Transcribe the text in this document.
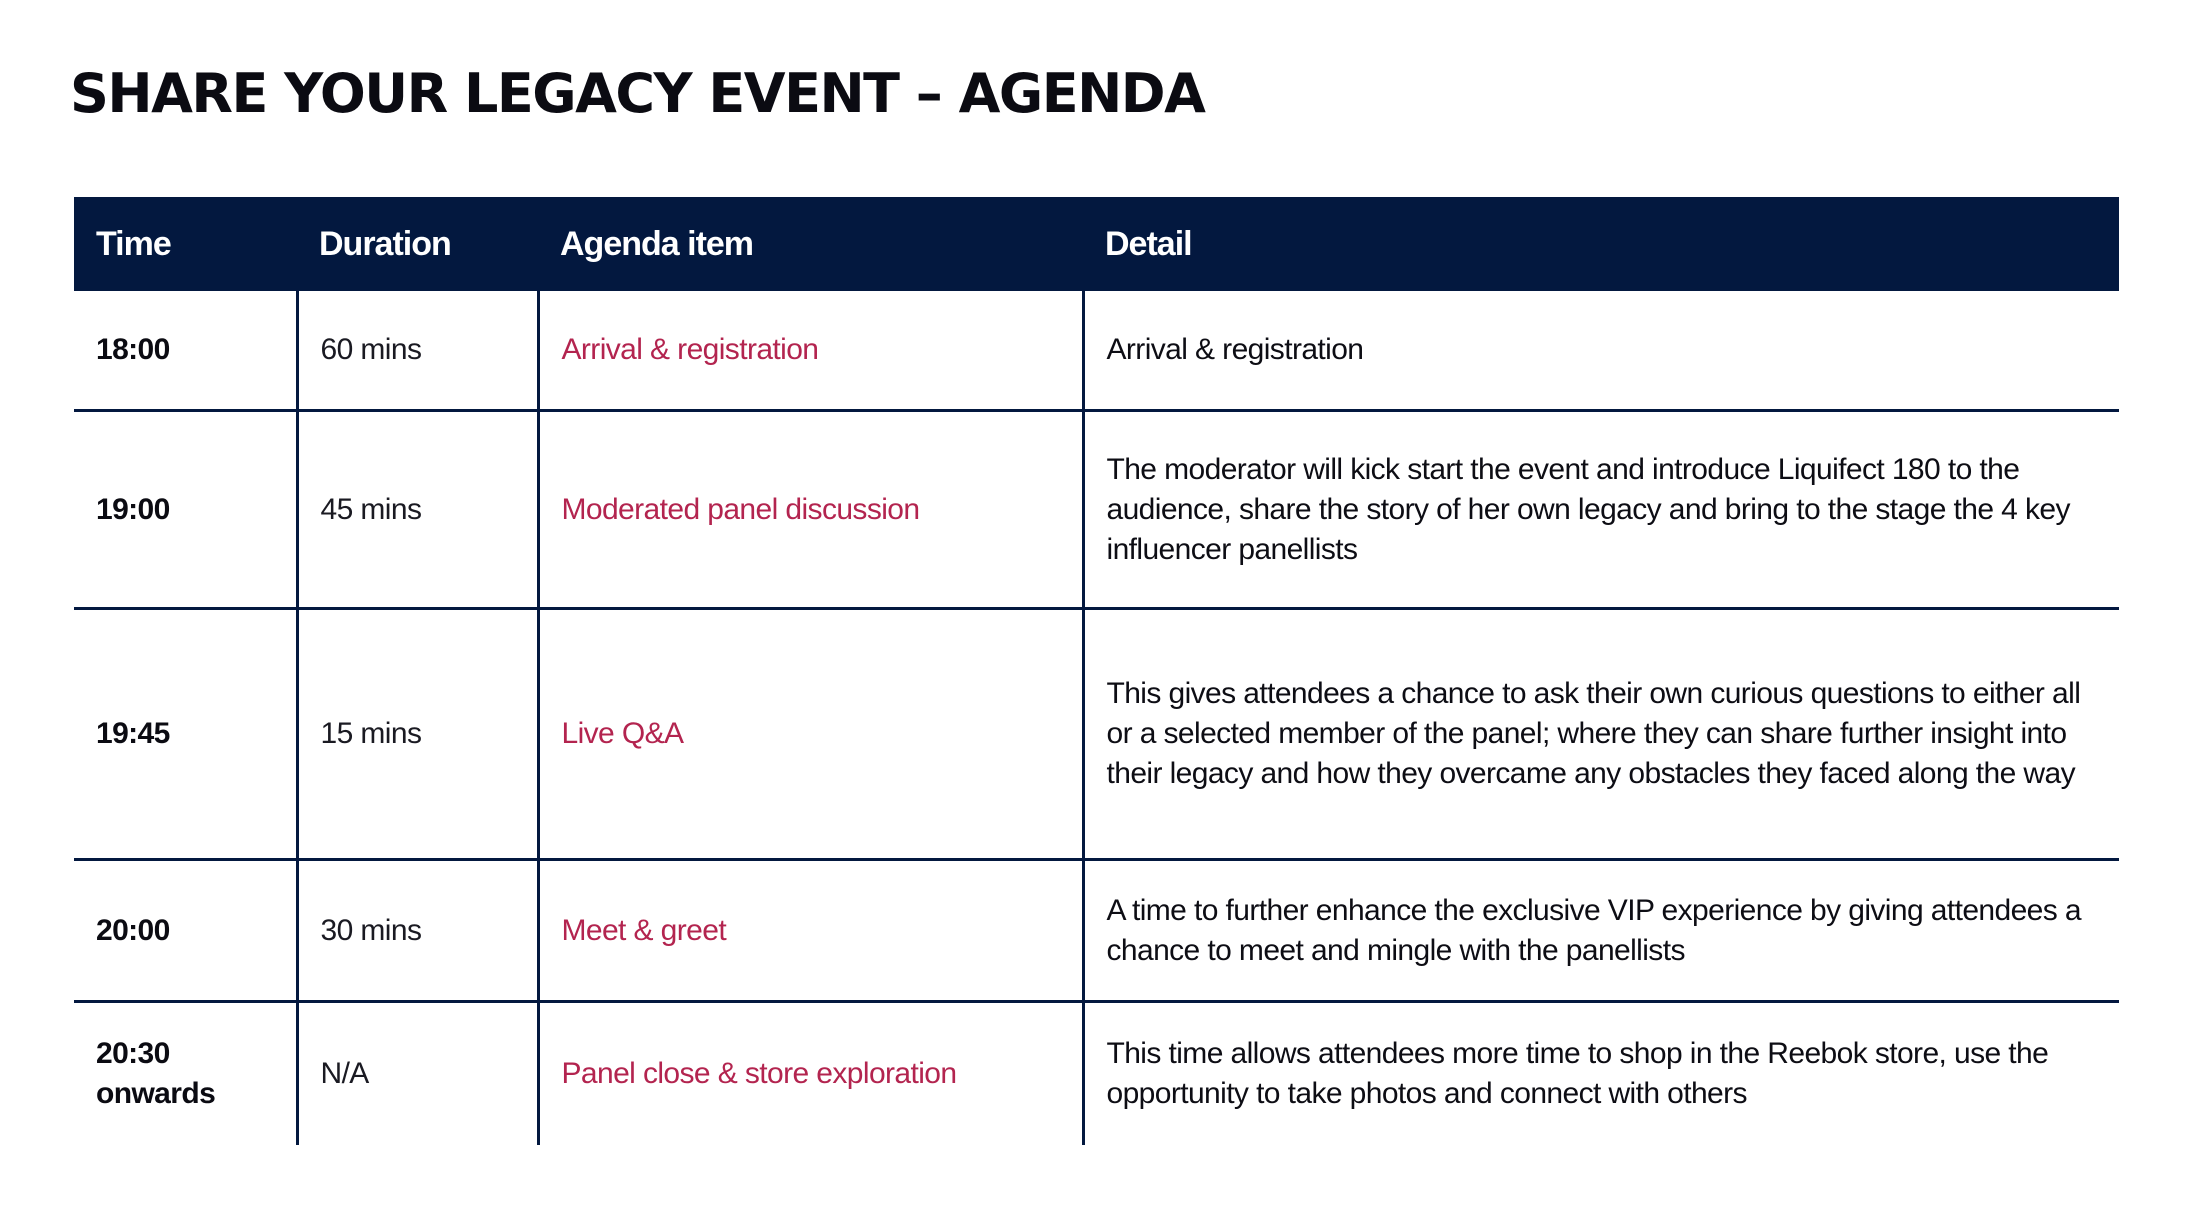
SHARE YOUR LEGACY EVENT – AGENDA
Time	Duration	Agenda item	Detail
18:00	60 mins	Arrival & registration	Arrival & registration
19:00	45 mins	Moderated panel discussion	The moderator will kick start the event and introduce Liquifect 180 to the audience, share the story of her own legacy and bring to the stage the 4 key influencer panellists
19:45	15 mins	Live Q&A	This gives attendees a chance to ask their own curious questions to either all or a selected member of the panel; where they can share further insight into their legacy and how they overcame any obstacles they faced along the way
20:00	30 mins	Meet & greet	A time to further enhance the exclusive VIP experience by giving attendees a chance to meet and mingle with the panellists
20:30 onwards	N/A	Panel close & store exploration	This time allows attendees more time to shop in the Reebok store, use the opportunity to take photos and connect with others
